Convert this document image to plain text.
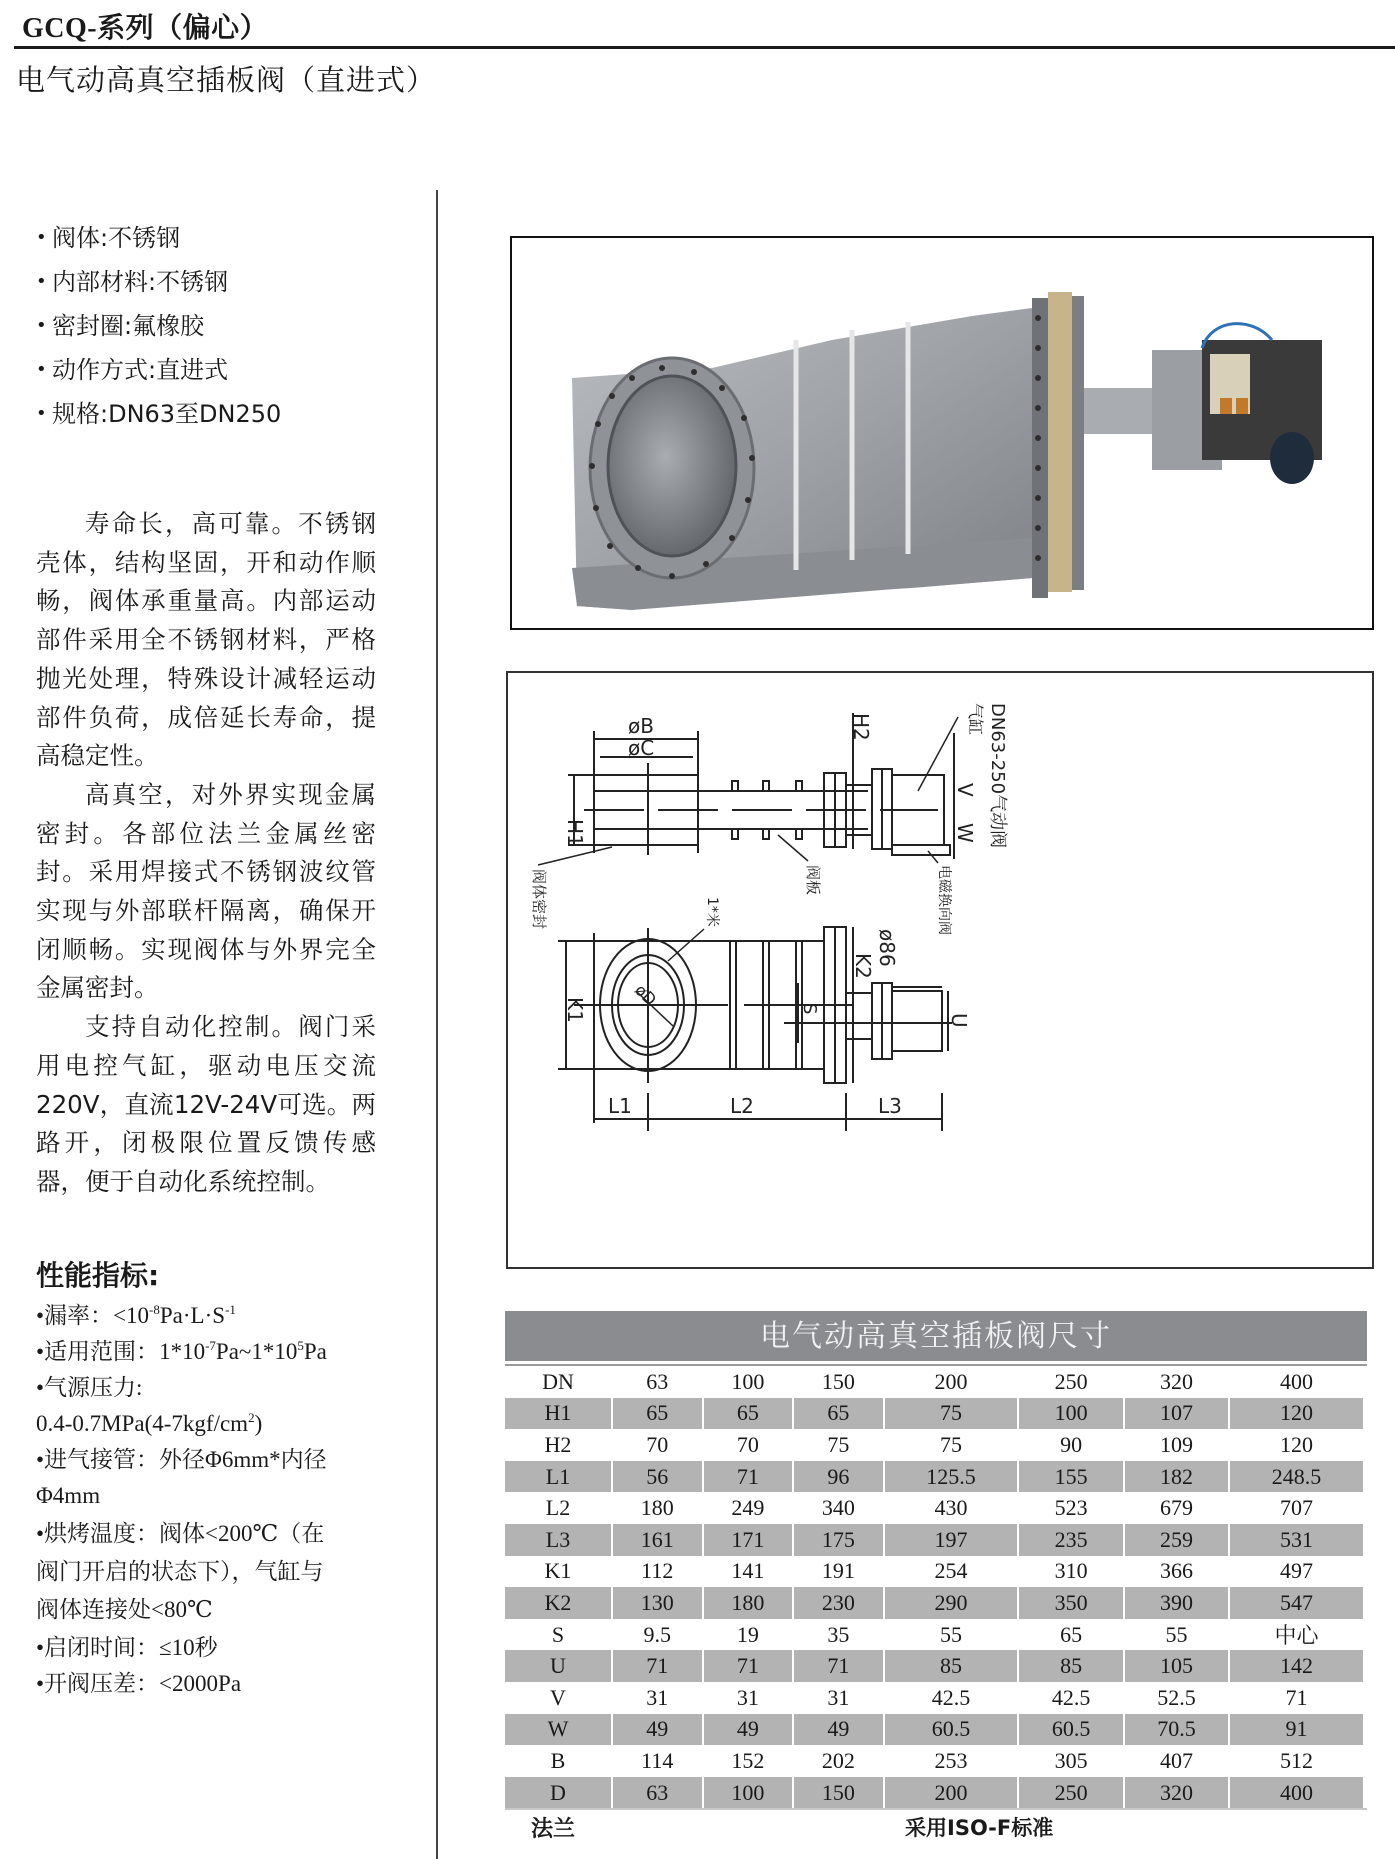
GCQ-系列（偏心）
电气动高真空插板阀（直进式）
• 阀体:不锈钢
• 内部材料:不锈钢
• 密封圈:氟橡胶
• 动作方式:直进式
• 规格:DN63至DN250

寿命长，高可靠。不锈钢壳体，结构坚固，开和动作顺畅，阀体承重量高。内部运动部件采用全不锈钢材料，严格抛光处理，特殊设计减轻运动部件负荷，成倍延长寿命，提高稳定性。

高真空，对外界实现金属密封。各部位法兰金属丝密封。采用焊接式不锈钢波纹管实现与外部联杆隔离，确保开闭顺畅。实现阀体与外界完全金属密封。

支持自动化控制。阀门采用电控气缸，驱动电压交流220V，直流12V-24V可选。两路开，闭极限位置反馈传感器，便于自动化系统控制。

性能指标:
•漏率：$<10^{-8}Pa\cdot L\cdot S^{-1}$
•适用范围：$1*10^{-7}Pa\sim 1*10^5Pa$
•气源压力:
$0.4-0.7MPa(4-7kgf/cm^2)$
•进气接管：外径Φ6mm*内径
Φ4mm
•烘烤温度：阀体<200℃（在
阀门开启的状态下），气缸与
阀体连接处<80℃
•启闭时间：≤10秒
•开阀压差：<2000Pa
øB
øC
H1
H2
V
W
气缸
阀体密封	阀板	电磁换向阀
DN63-250气动阀
K1
øD
1*米
S
K2 ø86
U
L1	L2	L3
电气动高真空插板阀尺寸
DN	63	100	150	200	250	320	400
H1	65	65	65	75	100	107	120
H2	70	70	75	75	90	109	120
L1	56	71	96	125.5	155	182	248.5
L2	180	249	340	430	523	679	707
L3	161	171	175	197	235	259	531
K1	112	141	191	254	310	366	497
K2	130	180	230	290	350	390	547
S	9.5	19	35	55	65	55	中心
U	71	71	71	85	85	105	142
V	31	31	31	42.5	42.5	52.5	71
W	49	49	49	60.5	60.5	70.5	91
B	114	152	202	253	305	407	512
D	63	100	150	200	250	320	400
法兰	采用ISO-F标准
